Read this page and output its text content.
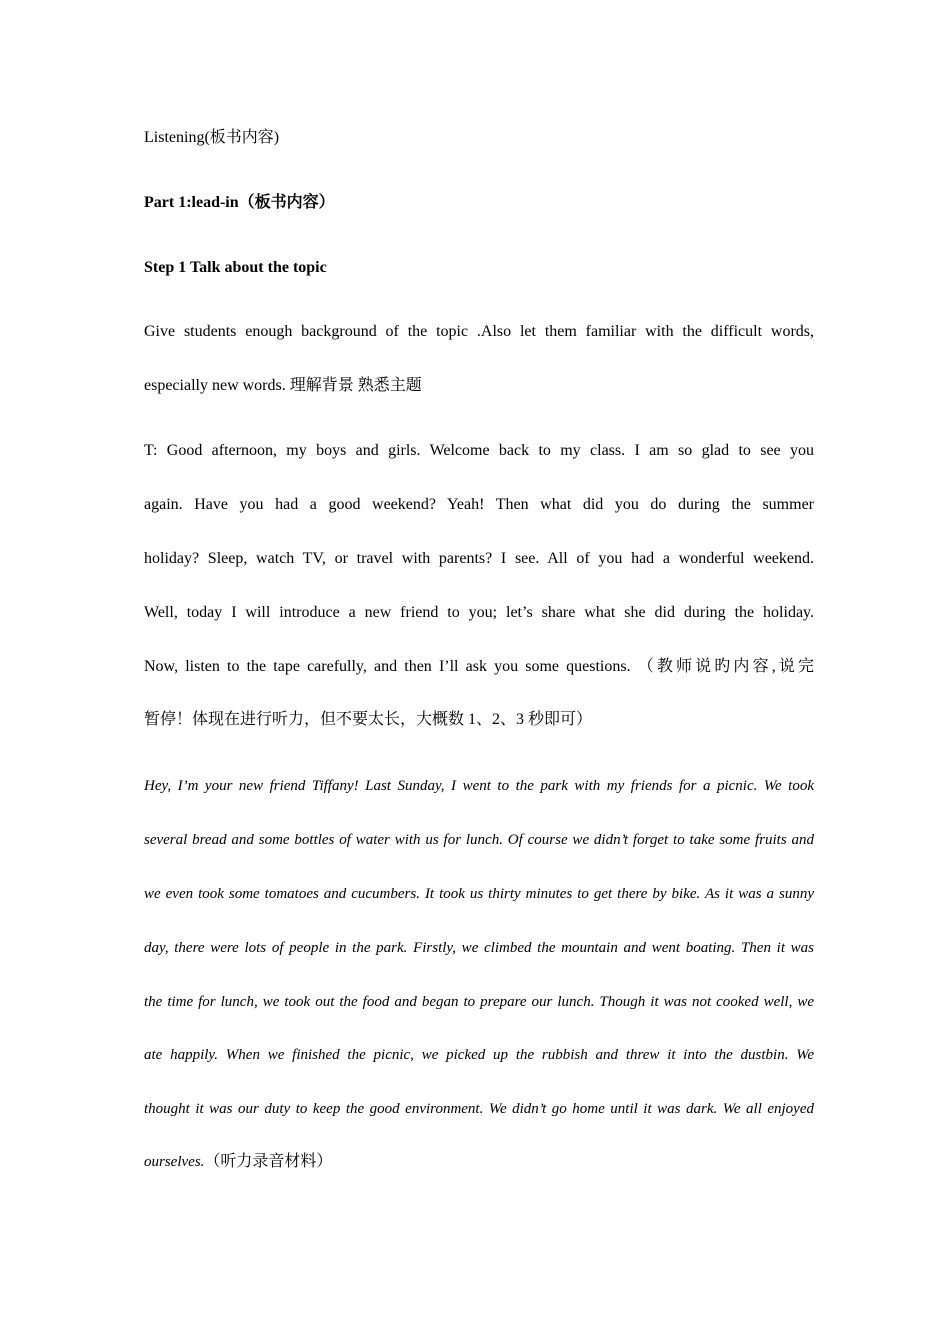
Listening(板书内容)
Part 1:lead-in（板书内容）
Step 1 Talk about the topic
Give students enough background of the topic .Also let them familiar with the difficult words,
especially new words. 理解背景 熟悉主题
T: Good afternoon, my boys and girls. Welcome back to my class. I am so glad to see you
again. Have you had a good weekend? Yeah! Then what did you do during the summer
holiday? Sleep, watch TV, or travel with parents? I see. All of you had a wonderful weekend.
Well, today I will introduce a new friend to you; let’s share what she did during the holiday.
Now, listen to the tape carefully, and then I’ll ask you some questions. （教师说旳内容,说完
暂停！体现在进行听力，但不要太长，大概数 1、2、3 秒即可）
Hey, I’m your new friend Tiffany! Last Sunday, I went to the park with my friends for a picnic. We took
several bread and some bottles of water with us for lunch. Of course we didn’t forget to take some fruits and
we even took some tomatoes and cucumbers. It took us thirty minutes to get there by bike. As it was a sunny
day, there were lots of people in the park. Firstly, we climbed the mountain and went boating. Then it was
the time for lunch, we took out the food and began to prepare our lunch. Though it was not cooked well, we
ate happily. When we finished the picnic, we picked up the rubbish and threw it into the dustbin. We
thought it was our duty to keep the good environment. We didn’t go home until it was dark. We all enjoyed
ourselves.（听力录音材料）
